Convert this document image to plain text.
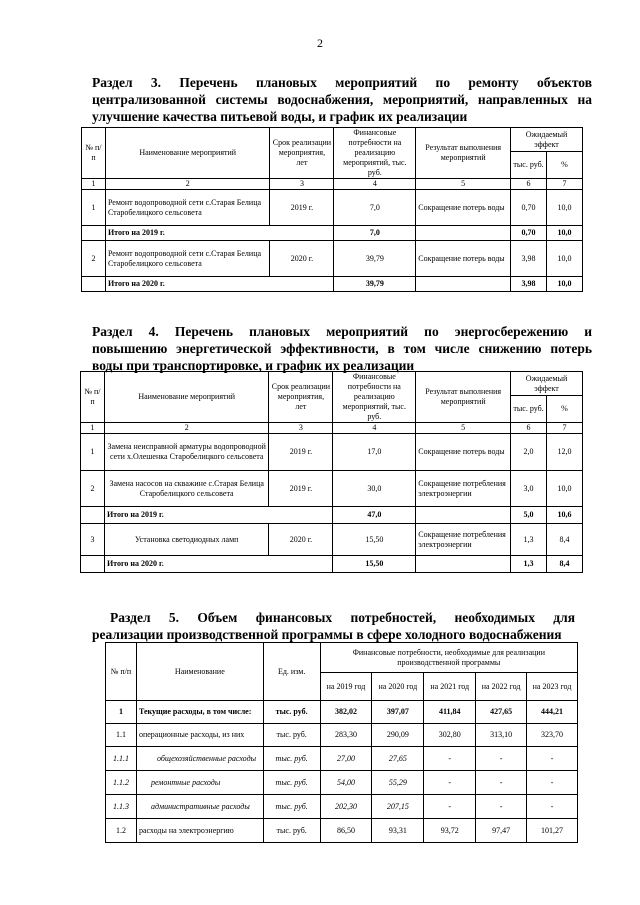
2
Раздел 3. Перечень плановых мероприятий по ремонту объектов
централизованной системы водоснабжения, мероприятий, направленных на
улучшение качества питьевой воды, и график их реализации
№ п/п	Наименование мероприятий	Срок реализации мероприятия, лет	Финансовые потребности на реализацию мероприятий, тыс. руб.	Результат выполнения мероприятий	Ожидаемый эффект	
					тыс. руб.	%
1	2	3	4	5	6	7
1	Ремонт водопроводной сети с.Старая Белица Старобелицкого сельсовета	2019 г.	7,0	Сокращение потерь воды	0,70	10,0
	Итого на 2019 г.		7,0		0,70	10,0
2	Ремонт водопроводной сети с.Старая Белица Старобелицкого сельсовета	2020 г.	39,79	Сокращение потерь воды	3,98	10,0
	Итого на 2020 г.		39,79		3,98	10,0
Раздел 4. Перечень плановых мероприятий по энергосбережению и
повышению энергетической эффективности, в том числе снижению потерь
воды при транспортировке, и график их реализации
№ п/п	Наименование мероприятий	Срок реализации мероприятия, лет	Финансовые потребности на реализацию мероприятий, тыс. руб.	Результат выполнения мероприятий	Ожидаемый эффект	
					тыс. руб.	%
1	2	3	4	5	6	7
1	Замена неисправной арматуры водопроводной сети х.Олешенка Старобелицкого сельсовета	2019 г.	17,0	Сокращение потерь воды	2,0	12,0
2	Замена насосов на скважине с.Старая Белица Старобелицкого сельсовета	2019 г.	30,0	Сокращение потребления электроэнергии	3,0	10,0
	Итого на 2019 г.		47,0		5,0	10,6
3	Установка светодиодных ламп	2020 г.	15,50	Сокращение потребления электроэнергии	1,3	8,4
	Итого на 2020 г.		15,50		1,3	8,4
Раздел 5. Объем финансовых потребностей, необходимых для
реализации производственной программы в сфере холодного водоснабжения
№ п/п	Наименование	Ед. изм.	Финансовые потребности, необходимые для реализации производственной программы				
			на 2019 год	на 2020 год	на 2021 год	на 2022 год	на 2023 год
1	Текущие расходы, в том числе:	тыс. руб.	382,02	397,07	411,84	427,65	444,21
1.1	операционные расходы, из них	тыс. руб.	283,30	290,09	302,80	313,10	323,70
1.1.1	общехозяйственные расходы	тыс. руб.	27,00	27,65	-	-	-
1.1.2	ремонтные расходы	тыс. руб.	54,00	55,29	-	-	-
1.1.3	административные расходы	тыс. руб.	202,30	207,15	-	-	-
1.2	расходы на электроэнергию	тыс. руб.	86,50	93,31	93,72	97,47	101,27
